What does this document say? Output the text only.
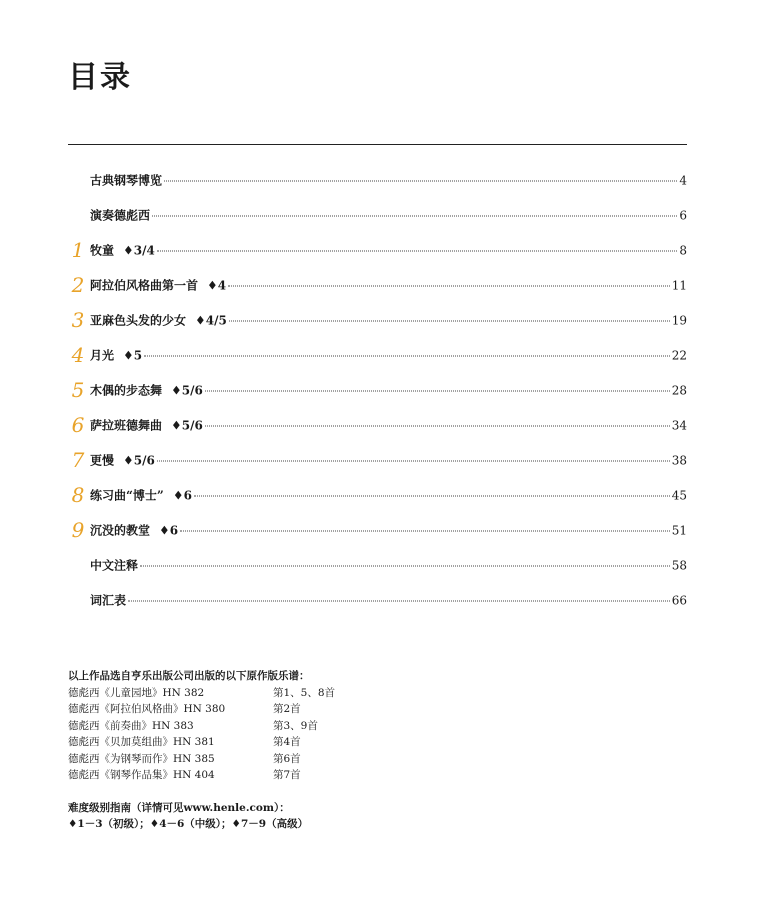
目录
古典钢琴博览	4
演奏德彪西	6
1 牧童 ♦3/4	8
2 阿拉伯风格曲第一首 ♦4	11
3 亚麻色头发的少女 ♦4/5	19
4 月光 ♦5	22
5 木偶的步态舞 ♦5/6	28
6 萨拉班德舞曲 ♦5/6	34
7 更慢 ♦5/6	38
8 练习曲“博士” ♦6	45
9 沉没的教堂 ♦6	51
中文注释	58
词汇表	66
以上作品选自亨乐出版公司出版的以下原作版乐谱：
德彪西《儿童园地》HN 382	第1、5、8首
德彪西《阿拉伯风格曲》HN 380	第2首
德彪西《前奏曲》HN 383	第3、9首
德彪西《贝加莫组曲》HN 381	第4首
德彪西《为钢琴而作》HN 385	第6首
德彪西《钢琴作品集》HN 404	第7首
难度级别指南（详情可见www.henle.com）：
♦1－3（初级）；♦4－6（中级）；♦7－9（高级）
